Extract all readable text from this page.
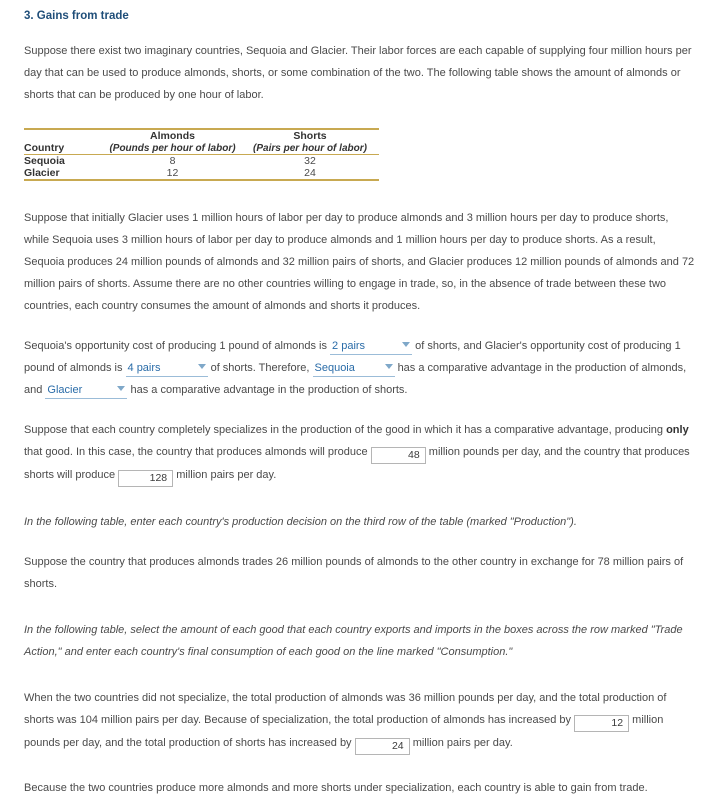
3. Gains from trade

Suppose there exist two imaginary countries, Sequoia and Glacier. Their labor forces are each capable of supplying four million hours per day that can be used to produce almonds, shorts, or some combination of the two. The following table shows the amount of almonds or shorts that can be produced by one hour of labor.

	Almonds	Shorts
Country	(Pounds per hour of labor)	(Pairs per hour of labor)
Sequoia	8	32
Glacier	12	24

Suppose that initially Glacier uses 1 million hours of labor per day to produce almonds and 3 million hours per day to produce shorts, while Sequoia uses 3 million hours of labor per day to produce almonds and 1 million hours per day to produce shorts. As a result, Sequoia produces 24 million pounds of almonds and 32 million pairs of shorts, and Glacier produces 12 million pounds of almonds and 72 million pairs of shorts. Assume there are no other countries willing to engage in trade, so, in the absence of trade between these two countries, each country consumes the amount of almonds and shorts it produces.

Sequoia's opportunity cost of producing 1 pound of almonds is 2 pairs	of shorts, and Glacier's opportunity cost of producing 1 pound of almonds is 4 pairs	of shorts. Therefore, Sequoia	has a comparative advantage in the production of almonds, and Glacier	has a comparative advantage in the production of shorts.

Suppose that each country completely specializes in the production of the good in which it has a comparative advantage, producing only that good. In this case, the country that produces almonds will produce	48 million pounds per day, and the country that produces shorts will produce	128 million pairs per day.

In the following table, enter each country's production decision on the third row of the table (marked "Production").

Suppose the country that produces almonds trades 26 million pounds of almonds to the other country in exchange for 78 million pairs of shorts.

In the following table, select the amount of each good that each country exports and imports in the boxes across the row marked "Trade Action," and enter each country's final consumption of each good on the line marked "Consumption."

When the two countries did not specialize, the total production of almonds was 36 million pounds per day, and the total production of shorts was 104 million pairs per day. Because of specialization, the total production of almonds has increased by	12 million pounds per day, and the total production of shorts has increased by	24 million pairs per day.

Because the two countries produce more almonds and more shorts under specialization, each country is able to gain from trade.
